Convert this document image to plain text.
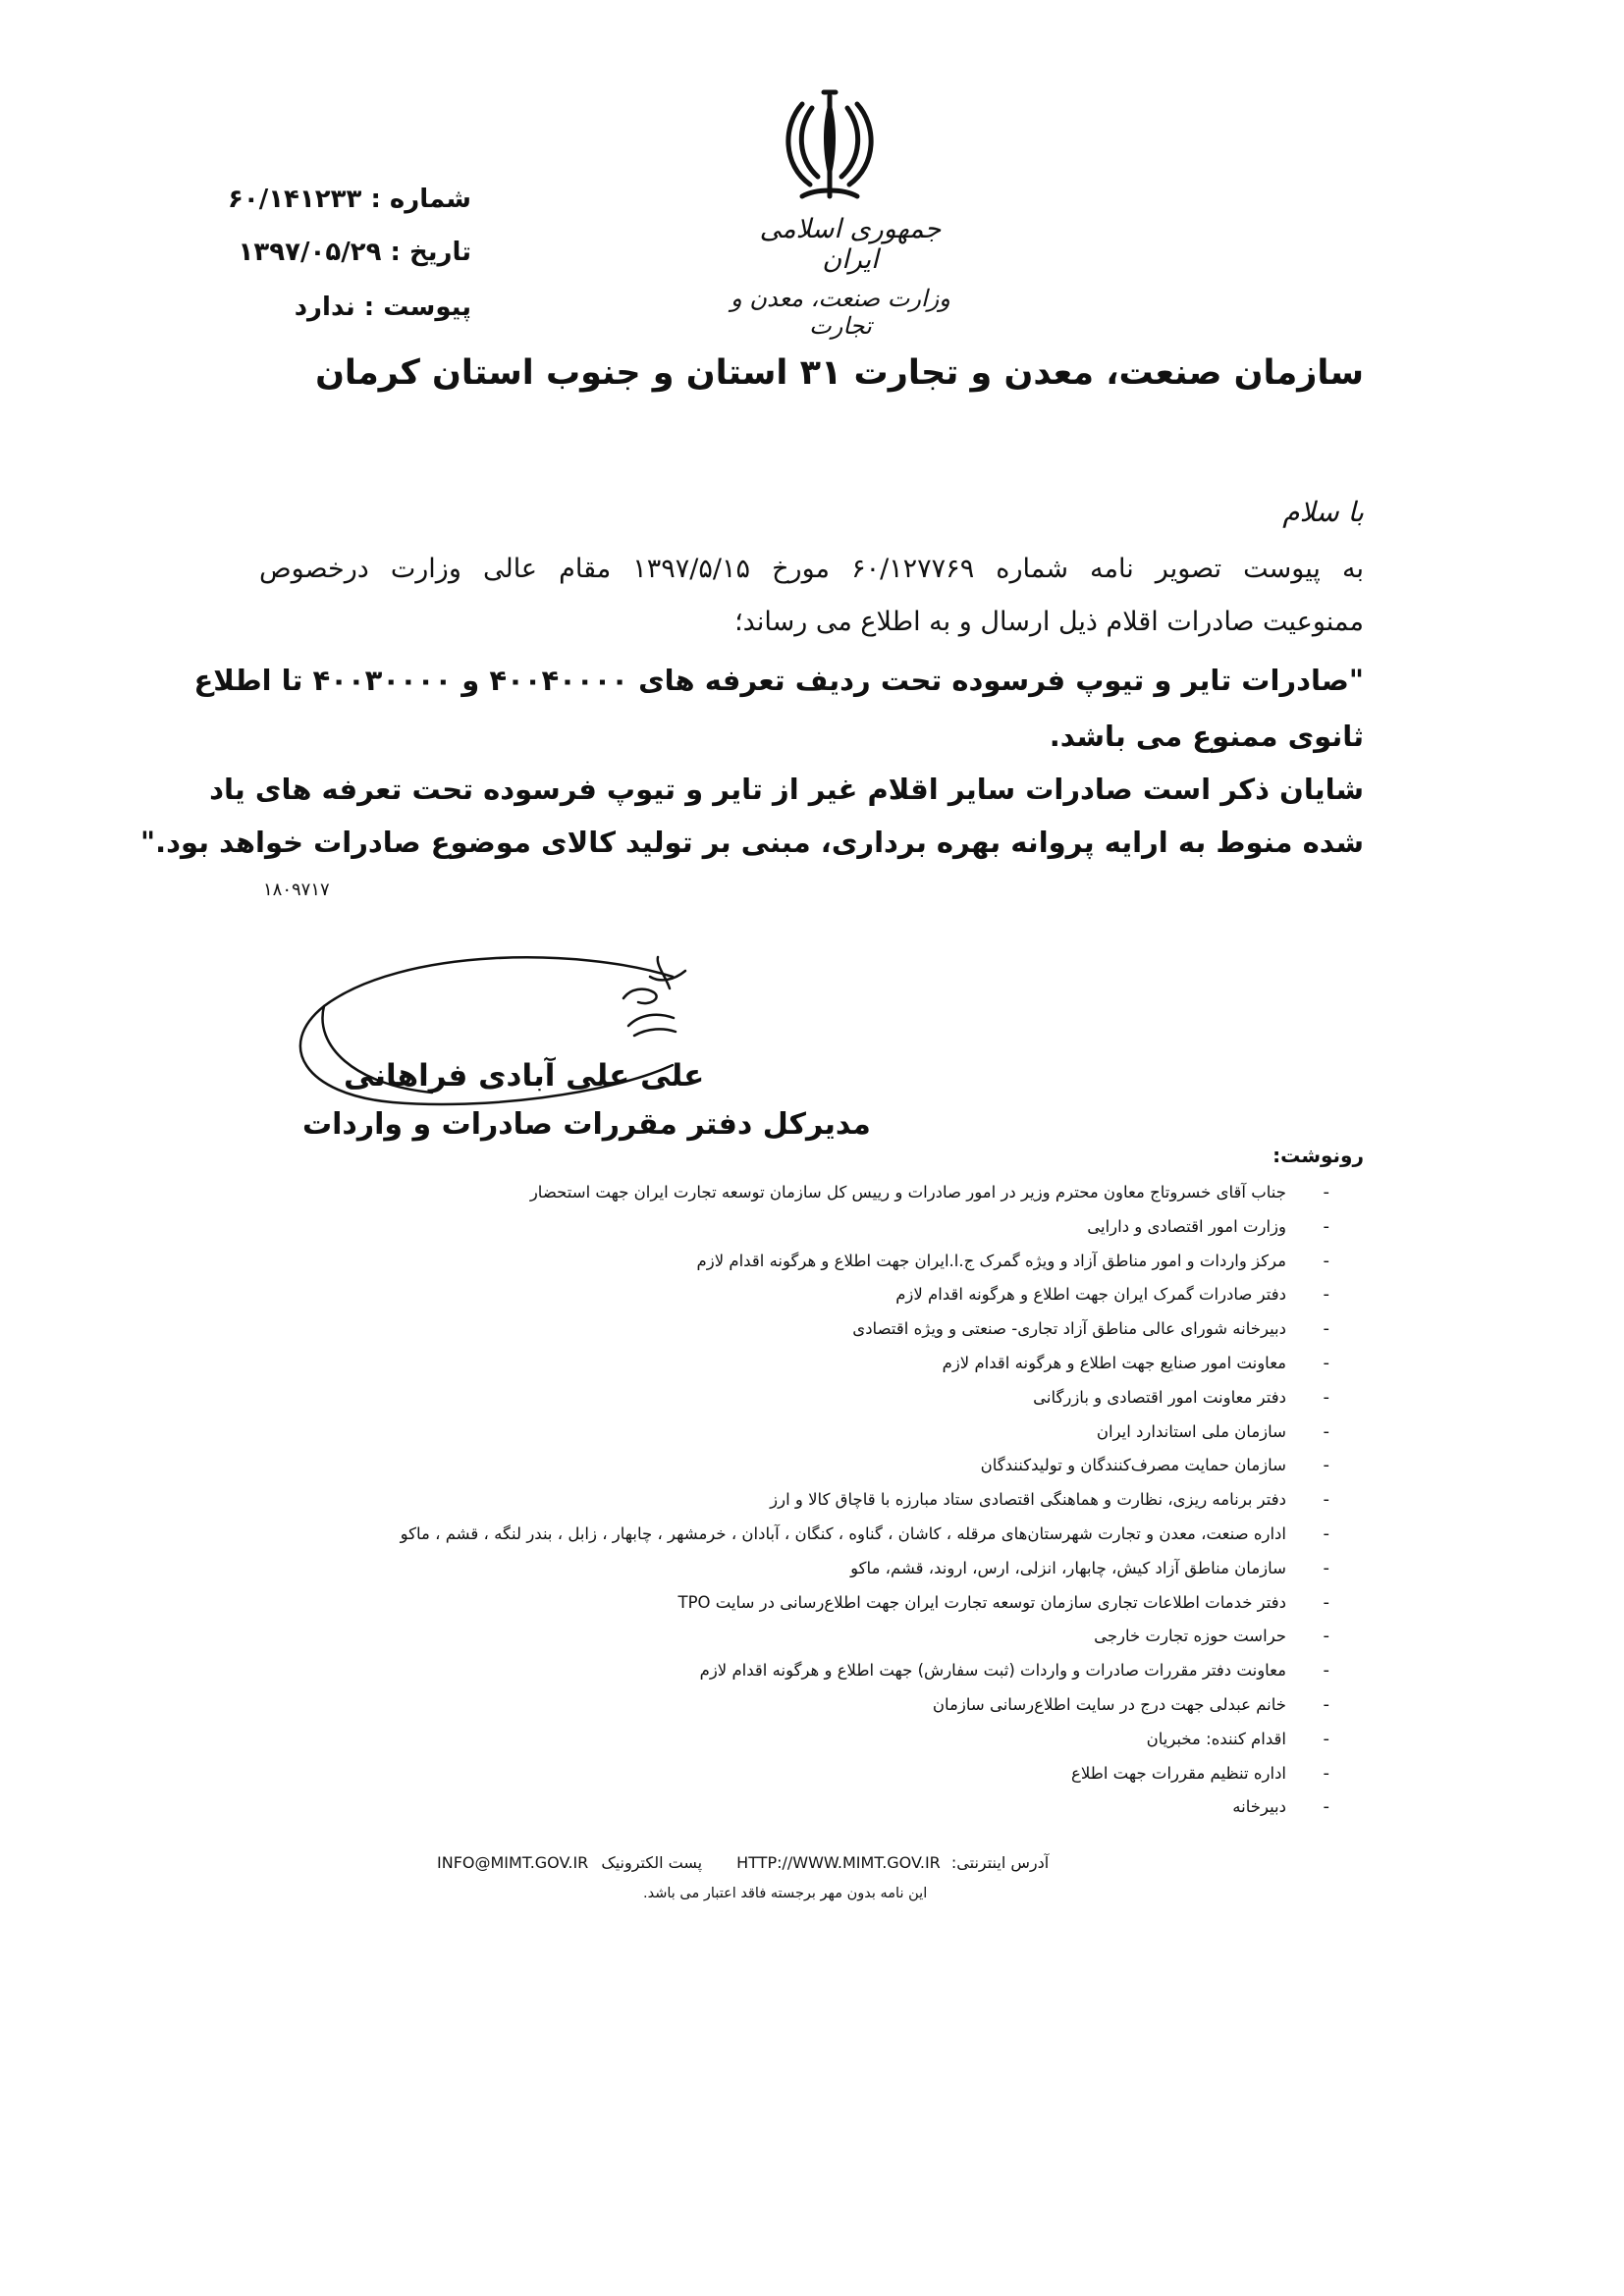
جمهوری اسلامی ایران
وزارت صنعت، معدن و تجارت
سازمان صنعت، معدن و تجارت ۳۱ استان و جنوب استان کرمان
شماره : ۶۰/۱۴۱۲۳۳
تاریخ : ۱۳۹۷/۰۵/۲۹
پیوست : ندارد
با سلام
به پیوست تصویر نامه شماره ۶۰/۱۲۷۷۶۹ مورخ ۱۳۹۷/۵/۱۵ مقام عالی وزارت درخصوص
ممنوعیت صادرات اقلام ذیل ارسال و به اطلاع می رساند؛
"صادرات تایر و تیوپ فرسوده تحت ردیف تعرفه های ۴۰۰۴۰۰۰۰ و ۴۰۰۳۰۰۰۰ تا اطلاع
ثانوی ممنوع می باشد.
شایان ذکر است صادرات سایر اقلام غیر از تایر و تیوپ فرسوده تحت تعرفه های یاد
شده منوط به ارایه پروانه بهره برداری، مبنی بر تولید کالای موضوع صادرات خواهد بود."
۱۸۰۹۷۱۷
علی علی آبادی فراهانی
مدیرکل دفتر مقررات صادرات و واردات
رونوشت:
- جناب آقای خسروتاج معاون محترم وزیر در امور صادرات و رییس کل سازمان توسعه تجارت ایران جهت استحضار
- وزارت امور اقتصادی و دارایی
- مرکز واردات و امور مناطق آزاد و ویژه گمرک ج.ا.ایران جهت اطلاع و هرگونه اقدام لازم
- دفتر صادرات گمرک ایران جهت اطلاع و هرگونه اقدام لازم
- دبیرخانه شورای عالی مناطق آزاد تجاری- صنعتی و ویژه اقتصادی
- معاونت امور صنایع جهت اطلاع و هرگونه اقدام لازم
- دفتر معاونت امور اقتصادی و بازرگانی
- سازمان ملی استاندارد ایران
- سازمان حمایت مصرف‌کنندگان و تولیدکنندگان
- دفتر برنامه ریزی، نظارت و هماهنگی اقتصادی ستاد مبارزه با قاچاق کالا و ارز
- اداره صنعت، معدن و تجارت شهرستان‌های مرقله ، کاشان ، گناوه ، کنگان ، آبادان ، خرمشهر ، چابهار ، زابل ، بندر لنگه ، قشم ، ماکو
- سازمان مناطق آزاد کیش، چابهار، انزلی، ارس، اروند، قشم، ماکو
- دفتر خدمات اطلاعات تجاری سازمان توسعه تجارت ایران جهت اطلاع‌رسانی در سایت TPO
- حراست حوزه تجارت خارجی
- معاونت دفتر مقررات صادرات و واردات (ثبت سفارش) جهت اطلاع و هرگونه اقدام لازم
- خانم عبدلی جهت درج در سایت اطلاع‌رسانی سازمان
- اقدام کننده: مخبریان
- اداره تنظیم مقررات جهت اطلاع
- دبیرخانه
INFO@MIMT.GOV.IR پست الکترونیک HTTP://WWW.MIMT.GOV.IR آدرس اینترنتی:
این نامه بدون مهر برجسته فاقد اعتبار می باشد.
